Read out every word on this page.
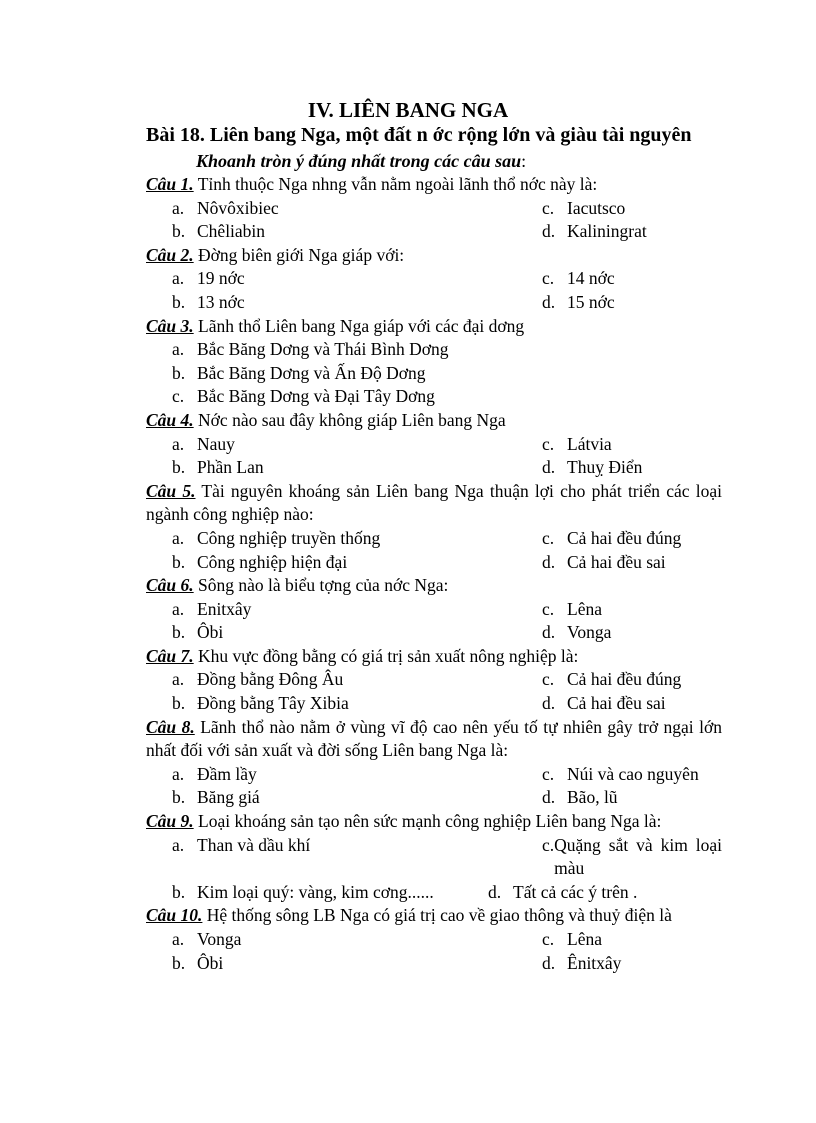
IV. LIÊN BANG NGA
Bài 18. Liên bang Nga, một đất n ớc rộng lớn và giàu tài nguyên
Khoanh tròn ý đúng nhất trong các câu sau:
Câu 1. Tỉnh thuộc Nga nhng vẫn nằm ngoài lãnh thổ nớc này là:
a. Nôvôxibiec	c. Iacutsco
b. Chêliabin	d. Kaliningrat
Câu 2. Đờng biên giới Nga giáp với:
a. 19 nớc	c. 14 nớc
b. 13 nớc	d. 15 nớc
Câu 3. Lãnh thổ Liên bang Nga giáp với các đại dơng
a. Bắc Băng Dơng và Thái Bình Dơng
b. Bắc Băng Dơng và Ấn Độ Dơng
c. Bắc Băng Dơng và Đại Tây Dơng
Câu 4. Nớc nào sau đây không giáp Liên bang Nga
a. Nauy	c. Látvia
b. Phần Lan	d. Thuỵ Điển
Câu 5. Tài nguyên khoáng sản Liên bang Nga thuận lợi cho phát triển các loại ngành công nghiệp nào:
a. Công nghiệp truyền thống	c. Cả hai đều đúng
b. Công nghiệp hiện đại	d. Cả hai đều sai
Câu 6. Sông nào là biểu tợng của nớc Nga:
a. Enitxây	c. Lêna
b. Ôbi	d. Vonga
Câu 7. Khu vực đồng bằng có giá trị sản xuất nông nghiệp là:
a. Đồng bằng Đông Âu	c. Cả hai đều đúng
b. Đồng bằng Tây Xibia	d. Cả hai đều sai
Câu 8. Lãnh thổ nào nằm ở vùng vĩ độ cao nên yếu tố tự nhiên gây trở ngại lớn nhất đối với sản xuất và đời sống Liên bang Nga là:
a. Đầm lầy	c. Núi và cao nguyên
b. Băng giá	d. Bão, lũ
Câu 9. Loại khoáng sản tạo nên sức mạnh công nghiệp Liên bang Nga là:
a. Than và dầu khí	c. Quặng sắt và kim loại màu
b. Kim loại quý: vàng, kim cơng......	d. Tất cả các ý trên .
Câu 10. Hệ thống sông LB Nga có giá trị cao về giao thông và thuỷ điện là
a. Vonga	c. Lêna
b. Ôbi	d. Ênitxây
